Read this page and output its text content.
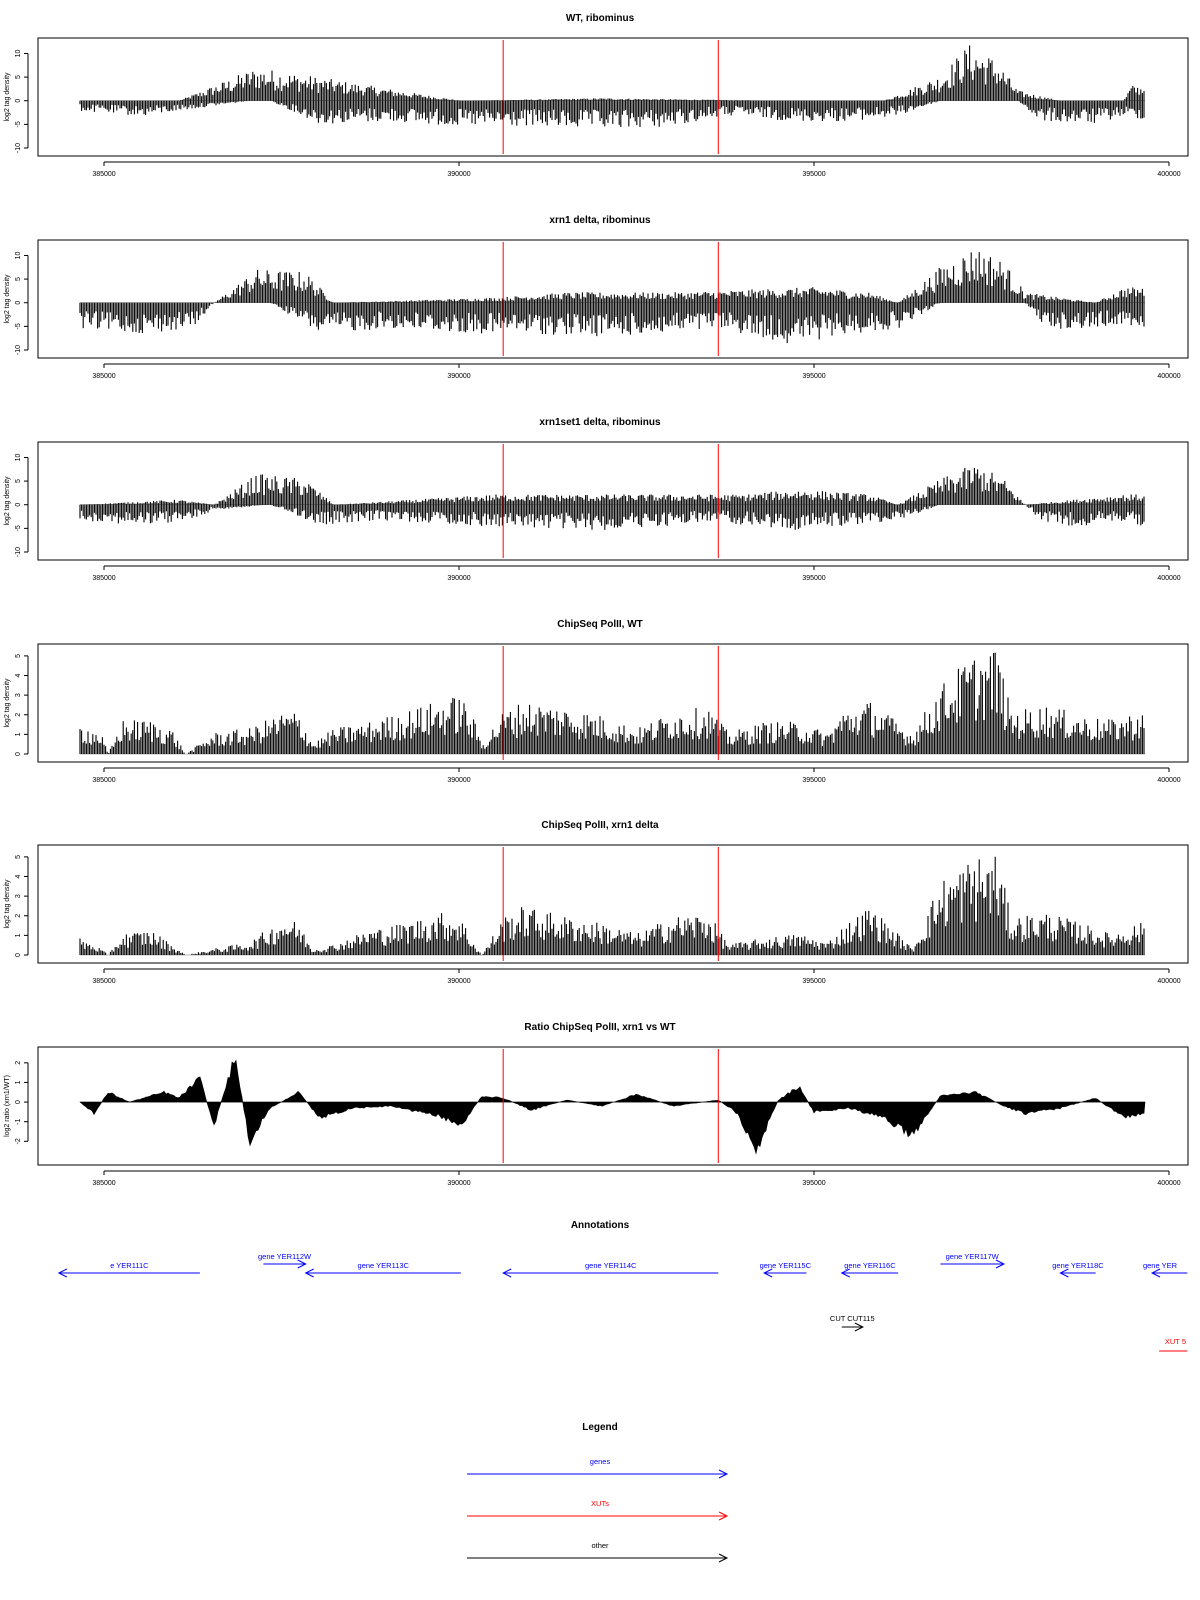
WT, ribominus
10
5
0
-5
-10
log2 tag density
385000	390000	395000	400000
xrn1 delta, ribominus
10
5
0
-5
-10
log2 tag density
385000	390000	395000	400000
xrn1set1 delta, ribominus
10
5
0
-5
-10
log2 tag density
385000	390000	395000	400000
ChipSeq PolII, WT
0
1
2
3
4
5
log2 tag density
385000	390000	395000	400000
ChipSeq PolII, xrn1 delta
0
1
2
3
4
5
log2 tag density
385000	390000	395000	400000
Ratio ChipSeq PolII, xrn1 vs WT
2
1
0
-1
-2
log2 ratio (xrn1/WT)
385000	390000	395000	400000
Annotations
e YER111C
gene YER112W
gene YER113C	gene YER114C	gene YER115C	gene YER116C
gene YER117W
gene YER118C	gene YER
CUT CUT115
XUT 5
Legend
genes
XUTs
other
